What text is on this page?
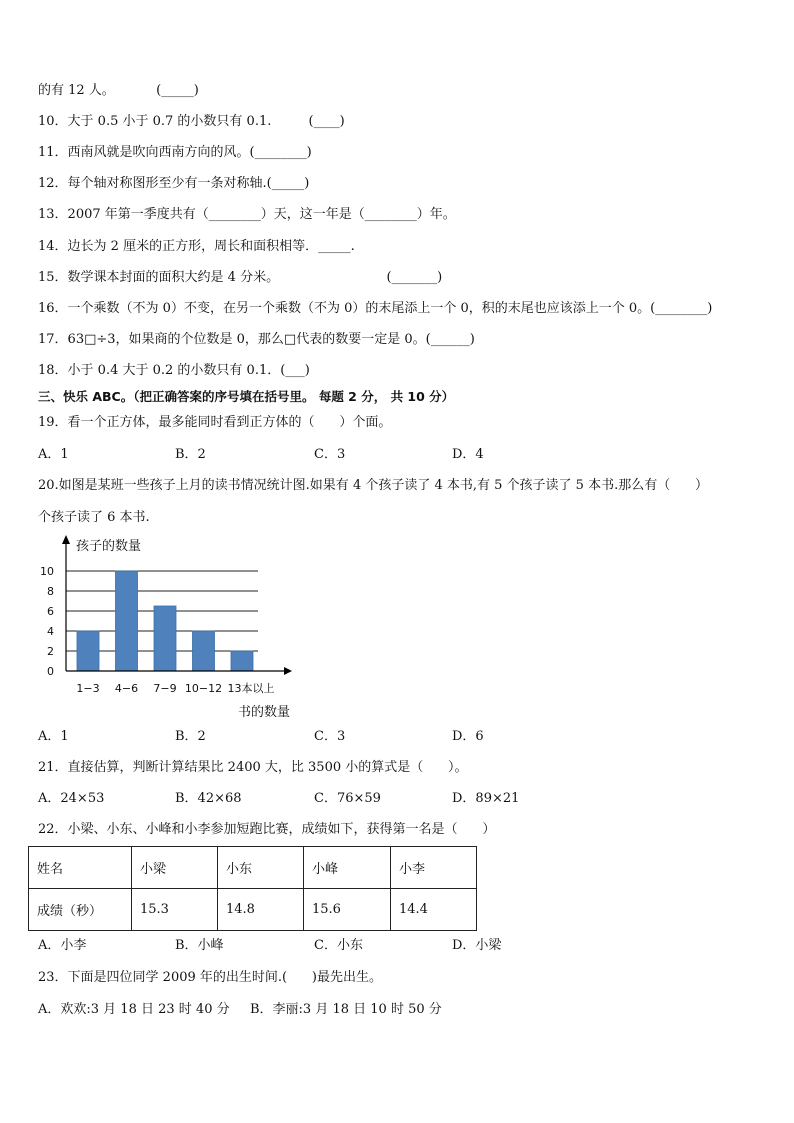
的有 12 人。          (_____)
10．大于 0.5 小于 0.7 的小数只有 0.1.         (____)
11．西南风就是吹向西南方向的风。(________)
12．每个轴对称图形至少有一条对称轴.(_____)
13．2007 年第一季度共有（________）天，这一年是（________）年。
14．边长为 2 厘米的正方形，周长和面积相等．_____.
15．数学课本封面的面积大约是 4 分米。                          (_______)
16．一个乘数（不为 0）不变，在另一个乘数（不为 0）的末尾添上一个 0，积的末尾也应该添上一个 0。(________)
17．63□÷3，如果商的个位数是 0，那么□代表的数要一定是 0。(______)
18．小于 0.4 大于 0.2 的小数只有 0.1．(___)
三、快乐 ABC。（把正确答案的序号填在括号里。 每题 2 分， 共 10 分）
19．看一个正方体，最多能同时看到正方体的（      ）个面。
A．1	B．2	C．3	D．4
20.如图是某班一些孩子上月的读书情况统计图.如果有 4 个孩子读了 4 本书,有 5 个孩子读了 5 本书.那么有（      ）
个孩子读了 6 本书.
孩子的数量
书的数量
0
2
4
6
8
10
1−3 4−6 7−9 10−12 13本以上
A．1	B．2	C．3	D．6
21．直接估算，判断计算结果比 2400 大，比 3500 小的算式是（      ）。
A．24×53	B．42×68	C．76×59	D．89×21
22．小梁、小东、小峰和小李参加短跑比赛，成绩如下，获得第一名是（      ）
姓名	小梁	小东	小峰	小李
成绩（秒）	15.3	14.8	15.6	14.4
A．小李	B．小峰	C．小东	D．小梁
23．下面是四位同学 2009 年的出生时间.(      )最先出生。
A．欢欢:3 月 18 日 23 时 40 分 B．李丽:3 月 18 日 10 时 50 分
